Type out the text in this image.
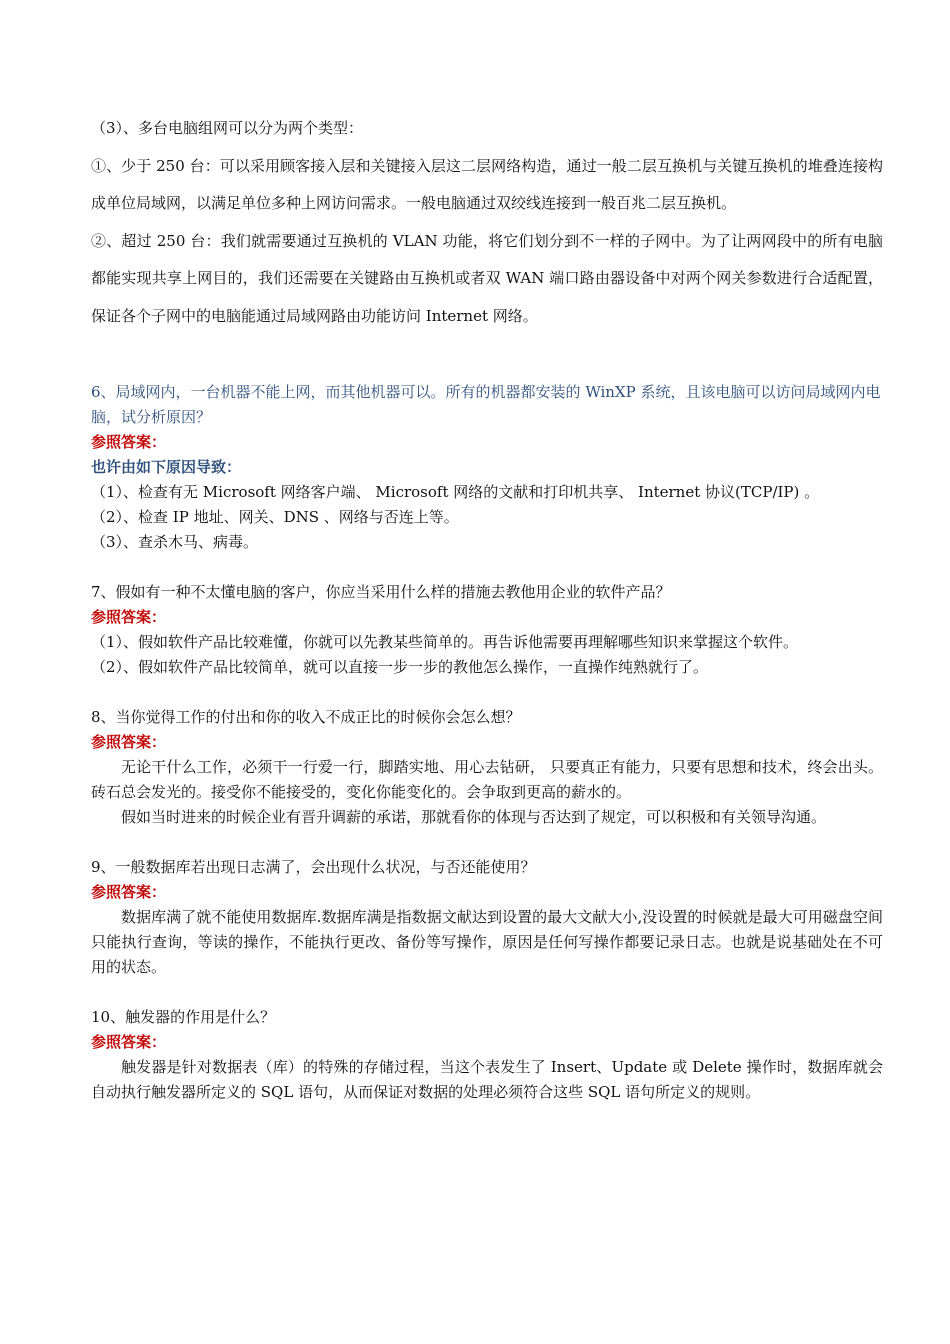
（3）、多台电脑组网可以分为两个类型：

①、少于 250 台：可以采用顾客接入层和关键接入层这二层网络构造，通过一般二层互换机与关键互换机的堆叠连接构成单位局域网，以满足单位多种上网访问需求。一般电脑通过双绞线连接到一般百兆二层互换机。

②、超过 250 台：我们就需要通过互换机的 VLAN 功能，将它们划分到不一样的子网中。为了让两网段中的所有电脑都能实现共享上网目的，我们还需要在关键路由互换机或者双 WAN 端口路由器设备中对两个网关参数进行合适配置，保证各个子网中的电脑能通过局域网路由功能访问 Internet 网络。

6、局域网内，一台机器不能上网，而其他机器可以。所有的机器都安装的 WinXP 系统，且该电脑可以访问局域网内电脑，试分析原因？

参照答案：

也许由如下原因导致：

（1）、检查有无 Microsoft 网络客户端、 Microsoft 网络的文献和打印机共享、 Internet 协议(TCP/IP) 。

（2）、检查 IP 地址、网关、DNS 、网络与否连上等。

（3）、查杀木马、病毒。

7、假如有一种不太懂电脑的客户，你应当采用什么样的措施去教他用企业的软件产品？

参照答案：

（1）、假如软件产品比较难懂，你就可以先教某些简单的。再告诉他需要再理解哪些知识来掌握这个软件。

（2）、假如软件产品比较简单，就可以直接一步一步的教他怎么操作，一直操作纯熟就行了。

8、当你觉得工作的付出和你的收入不成正比的时候你会怎么想？

参照答案：

无论干什么工作，必须干一行爱一行，脚踏实地、用心去钻研， 只要真正有能力，只要有思想和技术，终会出头。砖石总会发光的。接受你不能接受的，变化你能变化的。会争取到更高的薪水的。

假如当时进来的时候企业有晋升调薪的承诺，那就看你的体现与否达到了规定，可以积极和有关领导沟通。

9、一般数据库若出现日志满了，会出现什么状况，与否还能使用？

参照答案：

数据库满了就不能使用数据库.数据库满是指数据文献达到设置的最大文献大小,没设置的时候就是最大可用磁盘空间只能执行查询，等读的操作，不能执行更改、备份等写操作，原因是任何写操作都要记录日志。也就是说基础处在不可用的状态。

10、触发器的作用是什么？

参照答案：

触发器是针对数据表（库）的特殊的存储过程，当这个表发生了 Insert、Update 或 Delete 操作时，数据库就会自动执行触发器所定义的 SQL 语句，从而保证对数据的处理必须符合这些 SQL 语句所定义的规则。
